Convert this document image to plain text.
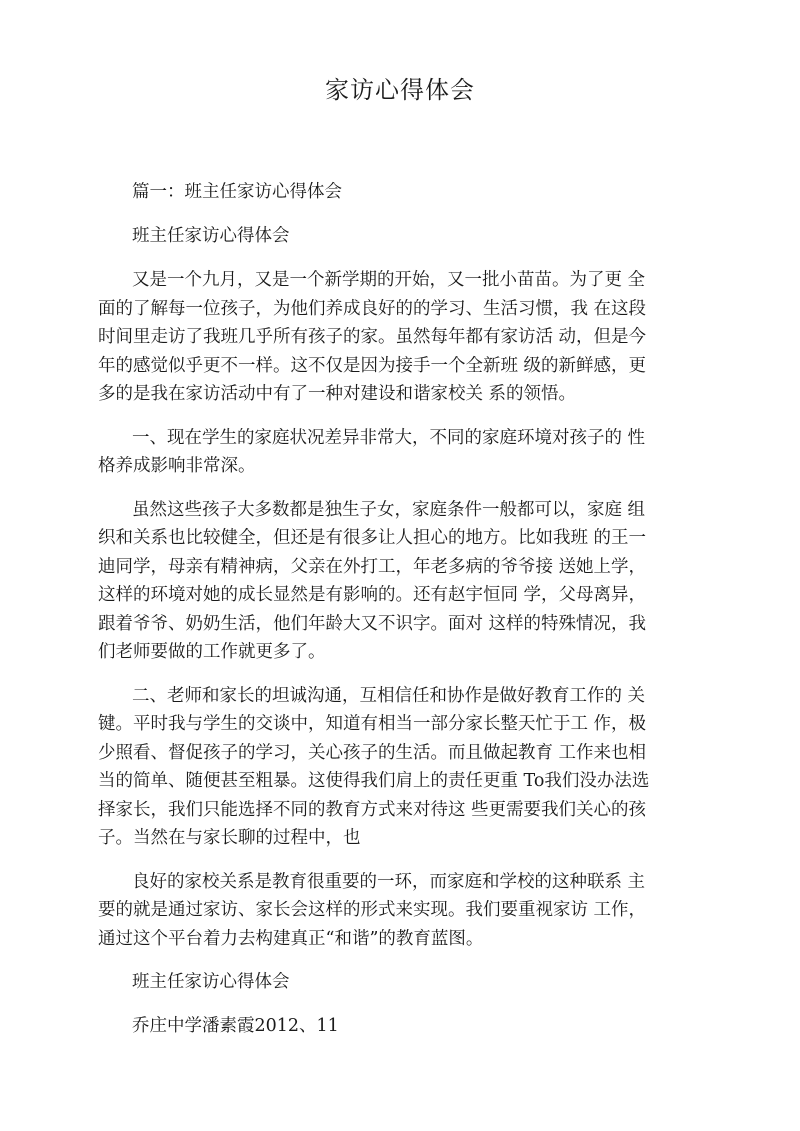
家访心得体会
篇一：班主任家访心得体会
班主任家访心得体会
又是一个九月，又是一个新学期的开始，又一批小苗苗。为了更 全
面的了解每一位孩子，为他们养成良好的的学习、生活习惯，我 在这段
时间里走访了我班几乎所有孩子的家。虽然每年都有家访活 动，但是今
年的感觉似乎更不一样。这不仅是因为接手一个全新班 级的新鲜感，更
多的是我在家访活动中有了一种对建设和谐家校关 系的领悟。
一、现在学生的家庭状况差异非常大，不同的家庭环境对孩子的 性
格养成影响非常深。
虽然这些孩子大多数都是独生子女，家庭条件一般都可以，家庭 组
织和关系也比较健全，但还是有很多让人担心的地方。比如我班 的王一
迪同学，母亲有精神病，父亲在外打工，年老多病的爷爷接 送她上学，
这样的环境对她的成长显然是有影响的。还有赵宇恒同 学，父母离异，
跟着爷爷、奶奶生活，他们年龄大又不识字。面对 这样的特殊情况，我
们老师要做的工作就更多了。
二、老师和家长的坦诚沟通，互相信任和协作是做好教育工作的 关
键。平时我与学生的交谈中，知道有相当一部分家长整天忙于工 作，极
少照看、督促孩子的学习，关心孩子的生活。而且做起教育 工作来也相
当的简单、随便甚至粗暴。这使得我们肩上的责任更重 To我们没办法选
择家长，我们只能选择不同的教育方式来对待这 些更需要我们关心的孩
子。当然在与家长聊的过程中，也
良好的家校关系是教育很重要的一环，而家庭和学校的这种联系 主
要的就是通过家访、家长会这样的形式来实现。我们要重视家访 工作，
通过这个平台着力去构建真正“和谐”的教育蓝图。
班主任家访心得体会
乔庄中学潘素霞2012、11
